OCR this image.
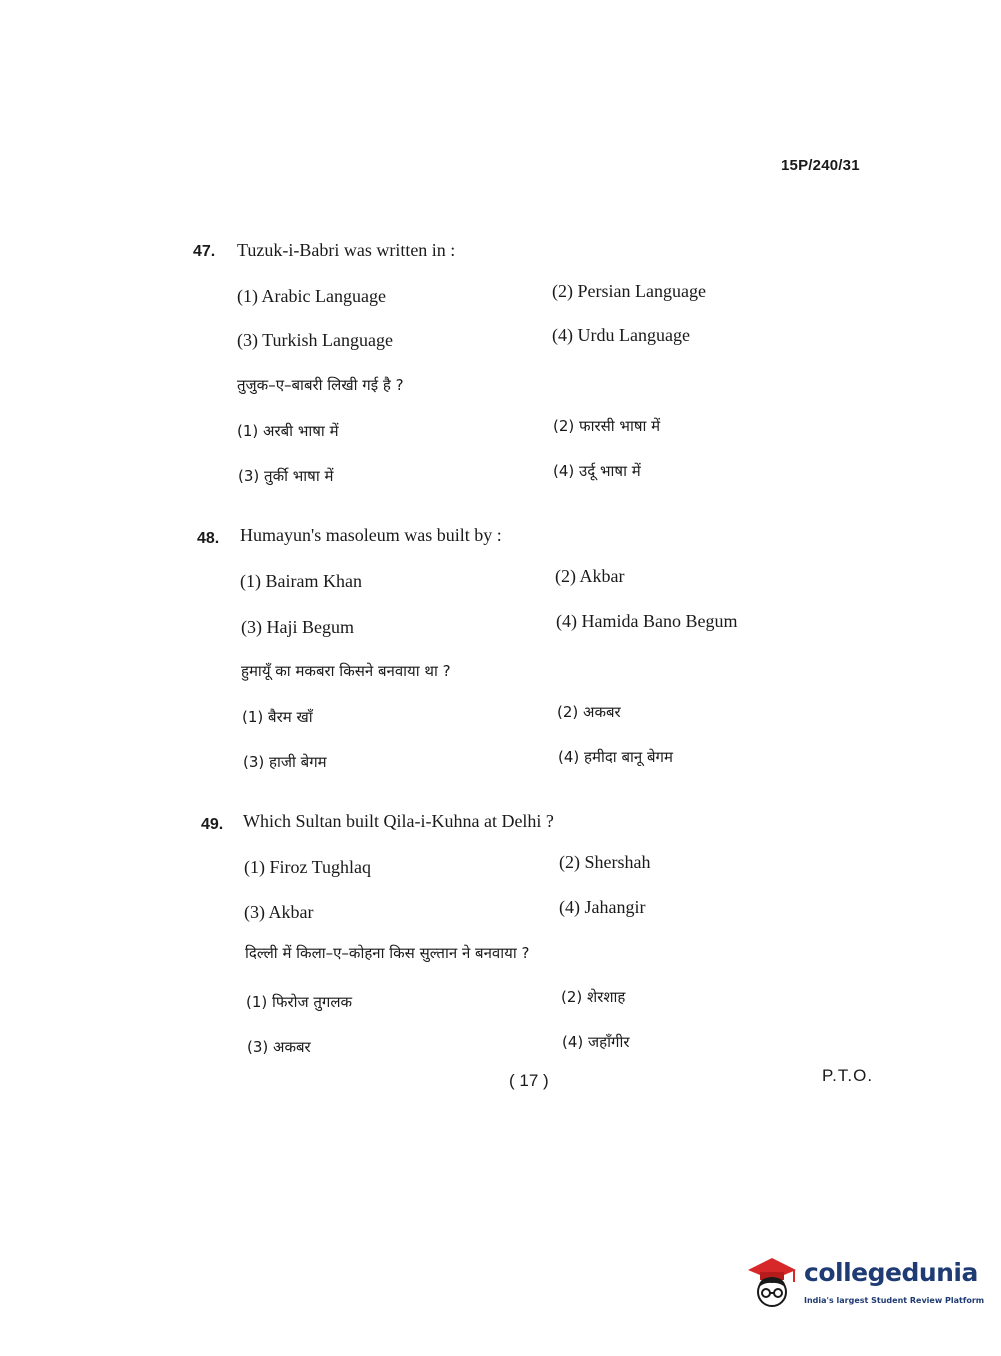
15P/240/31
47. Tuzuk-i-Babri was written in :
(1) Arabic Language	(2) Persian Language
(3) Turkish Language	(4) Urdu Language
तुजुक–ए–बाबरी लिखी गई है ?
(1) अरबी भाषा में	(2) फारसी भाषा में
(3) तुर्की भाषा में	(4) उर्दू भाषा में
48. Humayun's masoleum was built by :
(1) Bairam Khan	(2) Akbar
(3) Haji Begum	(4) Hamida Bano Begum
हुमायूँ का मकबरा किसने बनवाया था ?
(1) बैरम खाँ	(2) अकबर
(3) हाजी बेगम	(4) हमीदा बानू बेगम
49. Which Sultan built Qila-i-Kuhna at Delhi ?
(1) Firoz Tughlaq	(2) Shershah
(3) Akbar	(4) Jahangir
दिल्ली में किला–ए–कोहना किस सुल्तान ने बनवाया ?
(1) फिरोज तुगलक	(2) शेरशाह
(3) अकबर	(4) जहाँगीर
( 17 )	P.T.O.
collegedunia
India's largest Student Review Platform
